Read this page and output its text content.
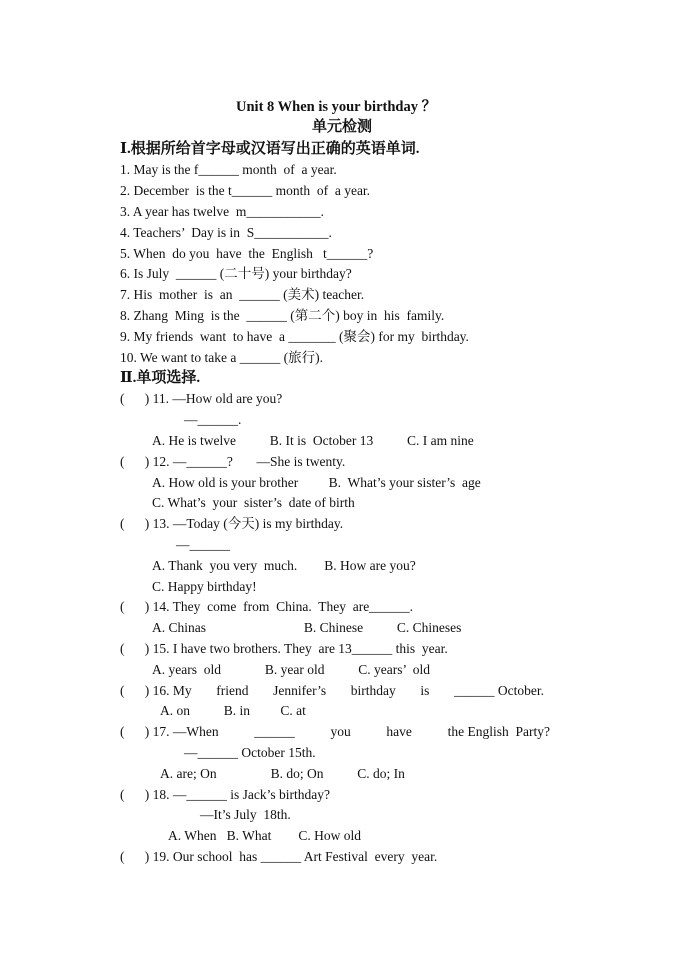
Unit 8 When is your birthday ？
单元检测
Ⅰ.根据所给首字母或汉语写出正确的英语单词.
1. May is the f______ month  of  a year.
2. December  is the t______ month  of  a year.
3. A year has twelve  m___________.
4. Teachers’  Day is in  S___________.
5. When  do you  have  the  English   t______?
6. Is July  ______ (二十号) your birthday?
7. His  mother  is  an  ______ (美术) teacher.
8. Zhang  Ming  is the  ______ (第二个) boy in  his  family.
9. My friends  want  to have  a _______ (聚会) for my  birthday.
10. We want to take a ______ (旅行).
Ⅱ.单项选择.
(      ) 11. —How old are you?
—______.
A. He is twelve          B. It is  October 13          C. I am nine
(      ) 12. —______?       —She is twenty.
A. How old is your brother         B.  What’s your sister’s  age
C. What’s  your  sister’s  date of birth
(      ) 13. —Today (今天) is my birthday.
—______
A. Thank  you very  much.        B. How are you?
C. Happy birthday!
(      ) 14. They  come  from  China.  They  are______.
A. Chinas                             B. Chinese          C. Chineses
(      ) 15. I have two brothers. They  are 13______ this  year.
A. years  old             B. year old          C. years’  old
(      ) 16. My friend Jennifer’s birthday is ______ October.
A. on          B. in         C. at
(      ) 17. —When	______	you	have	the English  Party?
—______ October 15th.
A. are; On                B. do; On          C. do; In
(      ) 18. —______ is Jack’s birthday?
—It’s July  18th.
A. When   B. What        C. How old
(      ) 19. Our school  has ______ Art Festival  every  year.
